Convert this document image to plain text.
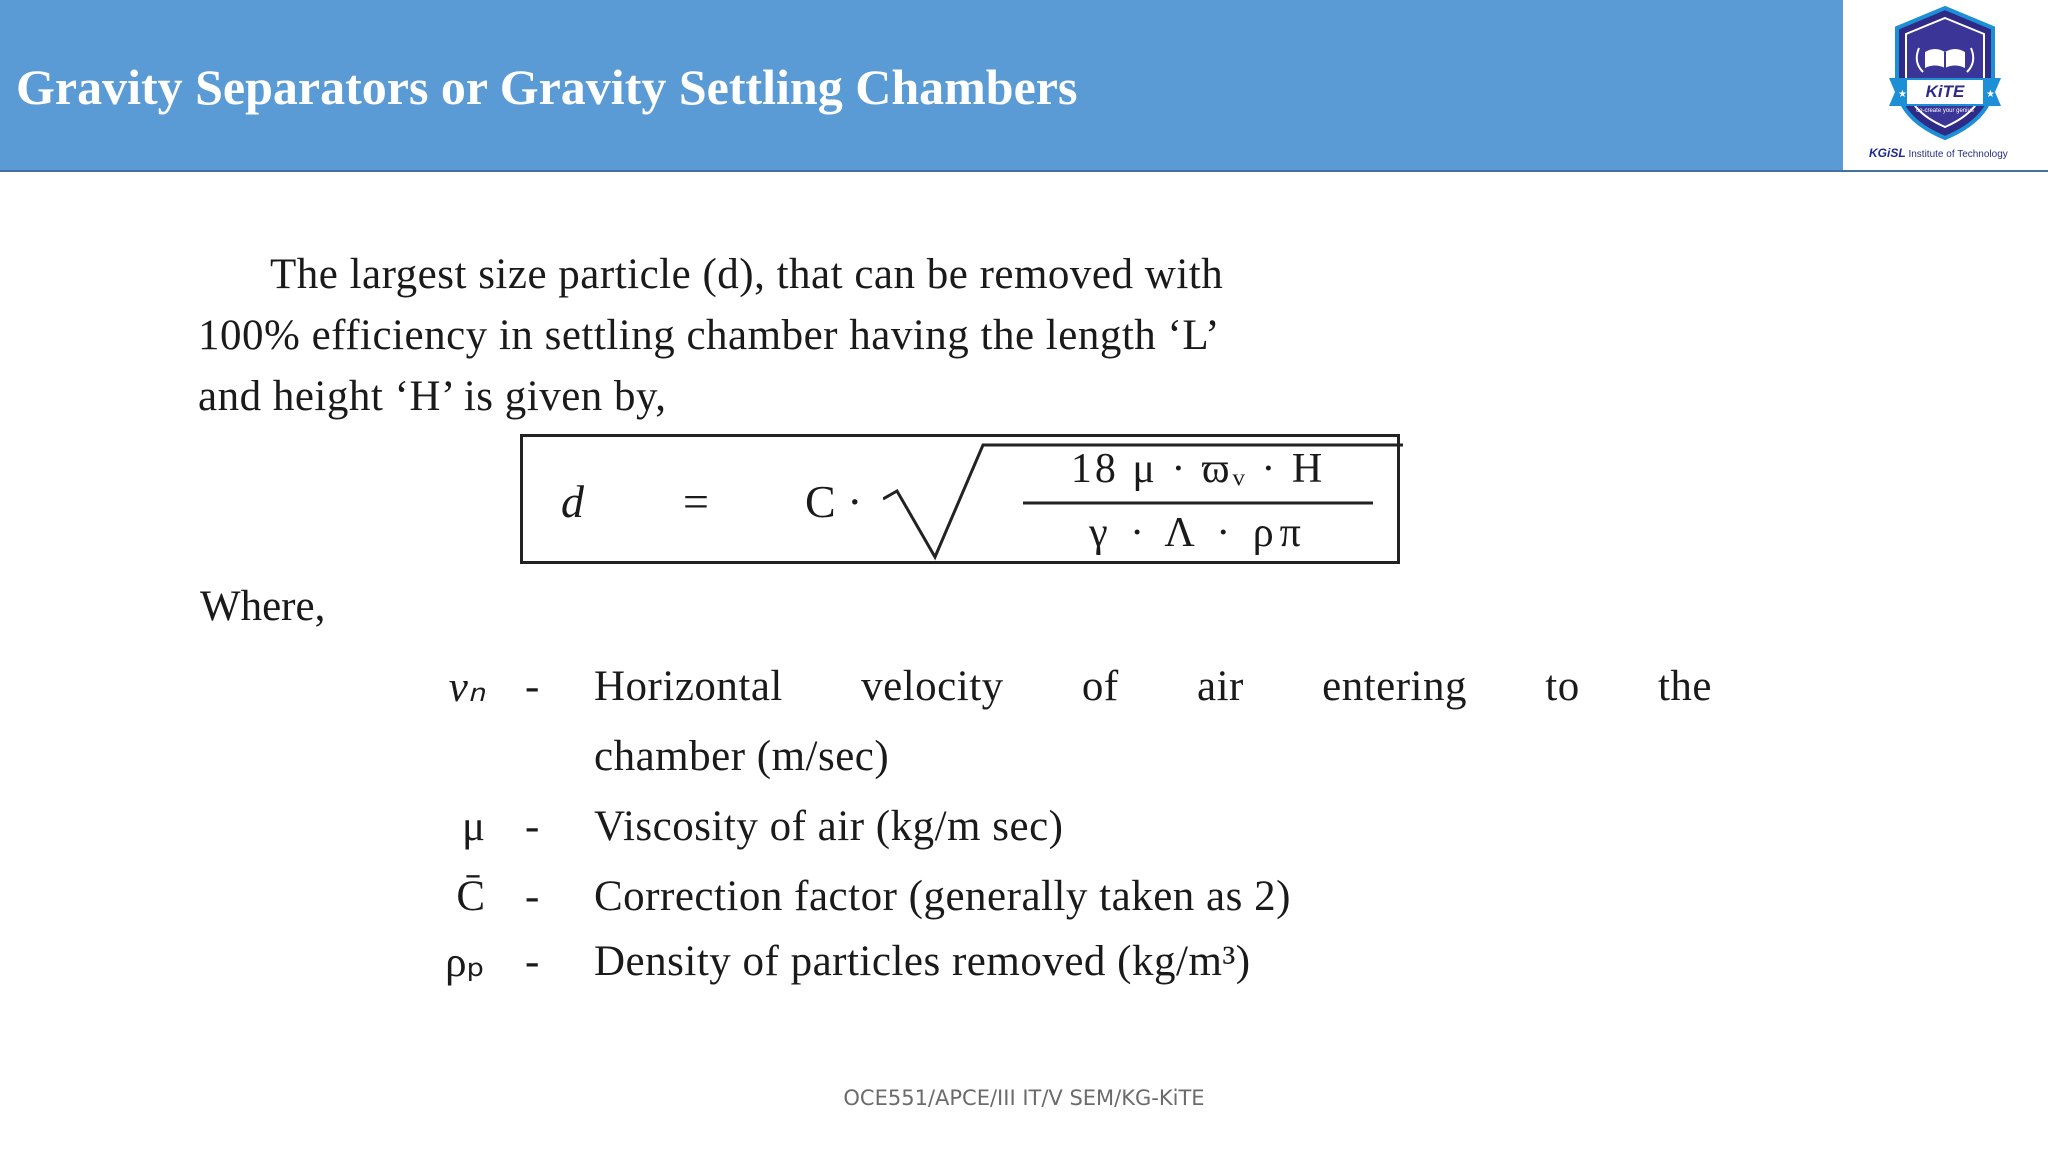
Gravity Separators or Gravity Settling Chambers	★	★
KiTE
co-create your genius
KGiSL Institute of Technology
The largest size particle (d), that can be removed with
100% efficiency in settling chamber having the length ‘L’
and height ‘H’ is given by,
d = C ·
18 μ · ϖᵥ · H
γ · Λ · ρπ
Where,
vₙ - Horizontal velocity of air entering to the
chamber (m/sec)
μ - Viscosity of air (kg/m sec)
C̄ - Correction factor (generally taken as 2)
ρₚ - Density of particles removed (kg/m³)
OCE551/APCE/III IT/V SEM/KG-KiTE
